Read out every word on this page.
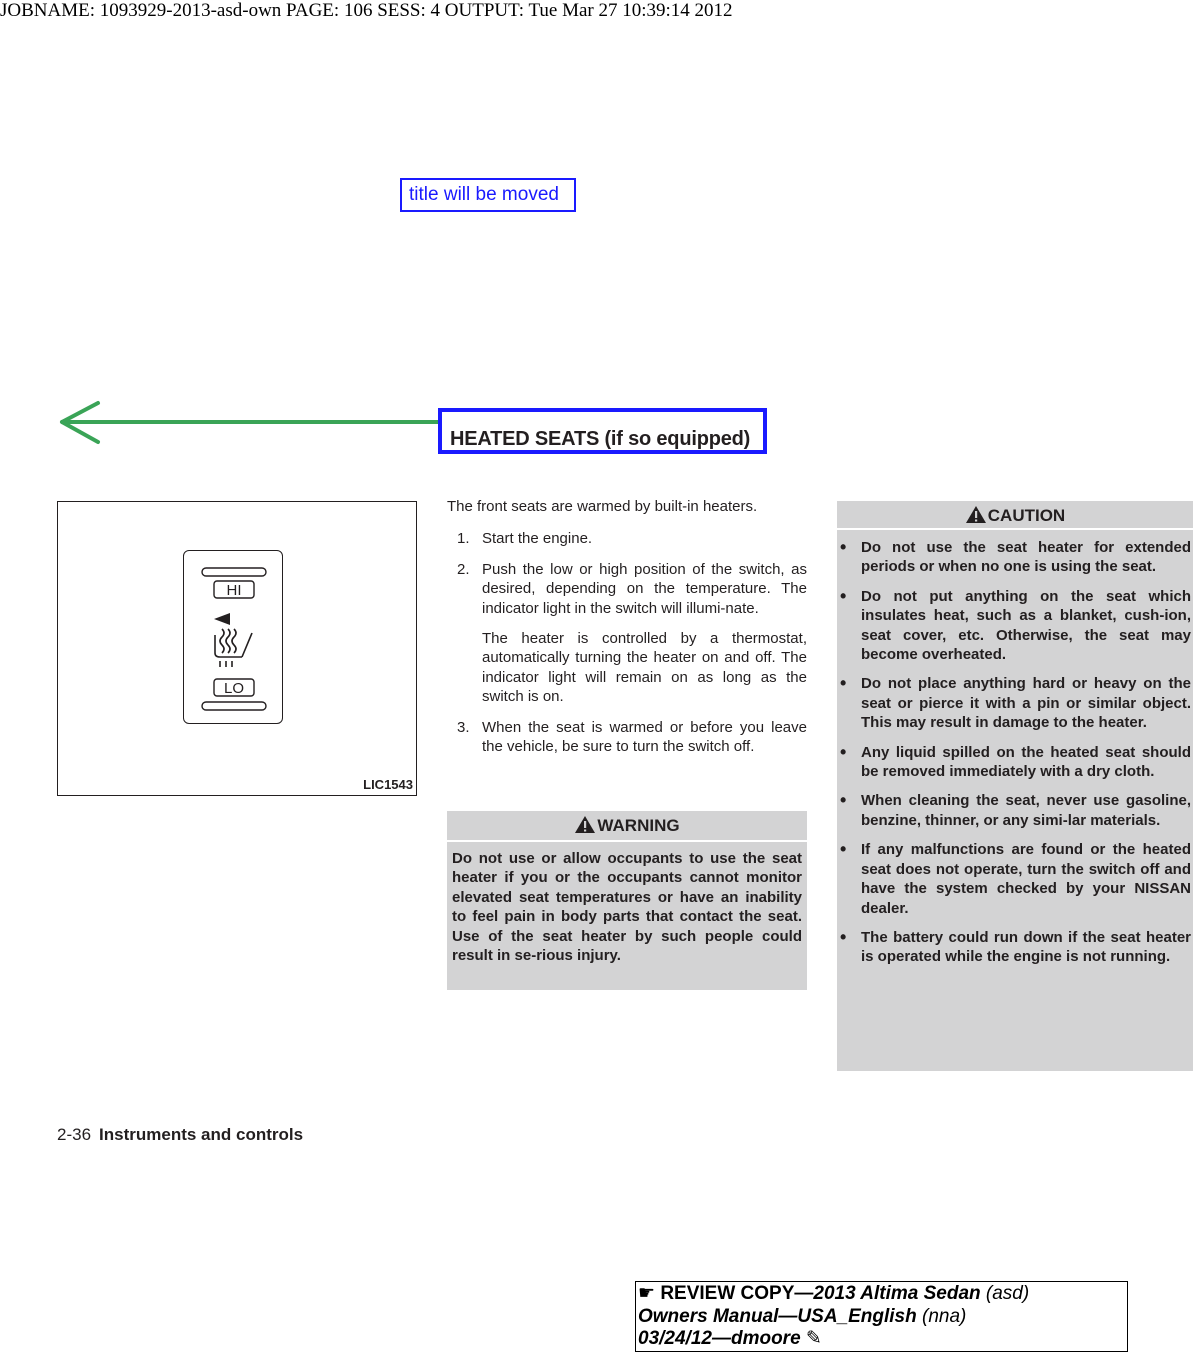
JOBNAME: 1093929-2013-asd-own PAGE: 106 SESS: 4 OUTPUT: Tue Mar 27 10:39:14 2012
title will be moved
HEATED SEATS (if so equipped)
HI
LO
LIC1543

The front seats are warmed by built-in heaters.

1. Start the engine.
2. Push the low or high position of the switch, as desired, depending on the temperature. The indicator light in the switch will illumi-nate.
The heater is controlled by a thermostat, automatically turning the heater on and off. The indicator light will remain on as long as the switch is on.
3. When the seat is warmed or before you leave the vehicle, be sure to turn the switch off.
WARNING
Do not use or allow occupants to use the seat heater if you or the occupants cannot monitor elevated seat temperatures or have an inability to feel pain in body parts that contact the seat. Use of the seat heater by such people could result in se-rious injury.
CAUTION
• Do not use the seat heater for extended periods or when no one is using the seat.
• Do not put anything on the seat which insulates heat, such as a blanket, cush-ion, seat cover, etc. Otherwise, the seat may become overheated.
• Do not place anything hard or heavy on the seat or pierce it with a pin or similar object. This may result in damage to the heater.
• Any liquid spilled on the heated seat should be removed immediately with a dry cloth.
• When cleaning the seat, never use gasoline, benzine, thinner, or any simi-lar materials.
• If any malfunctions are found or the heated seat does not operate, turn the switch off and have the system checked by your NISSAN dealer.
• The battery could run down if the seat heater is operated while the engine is not running.
2-36 Instruments and controls
☛ REVIEW COPY—2013 Altima Sedan (asd)
Owners Manual—USA_English (nna)
03/24/12—dmoore ✎
